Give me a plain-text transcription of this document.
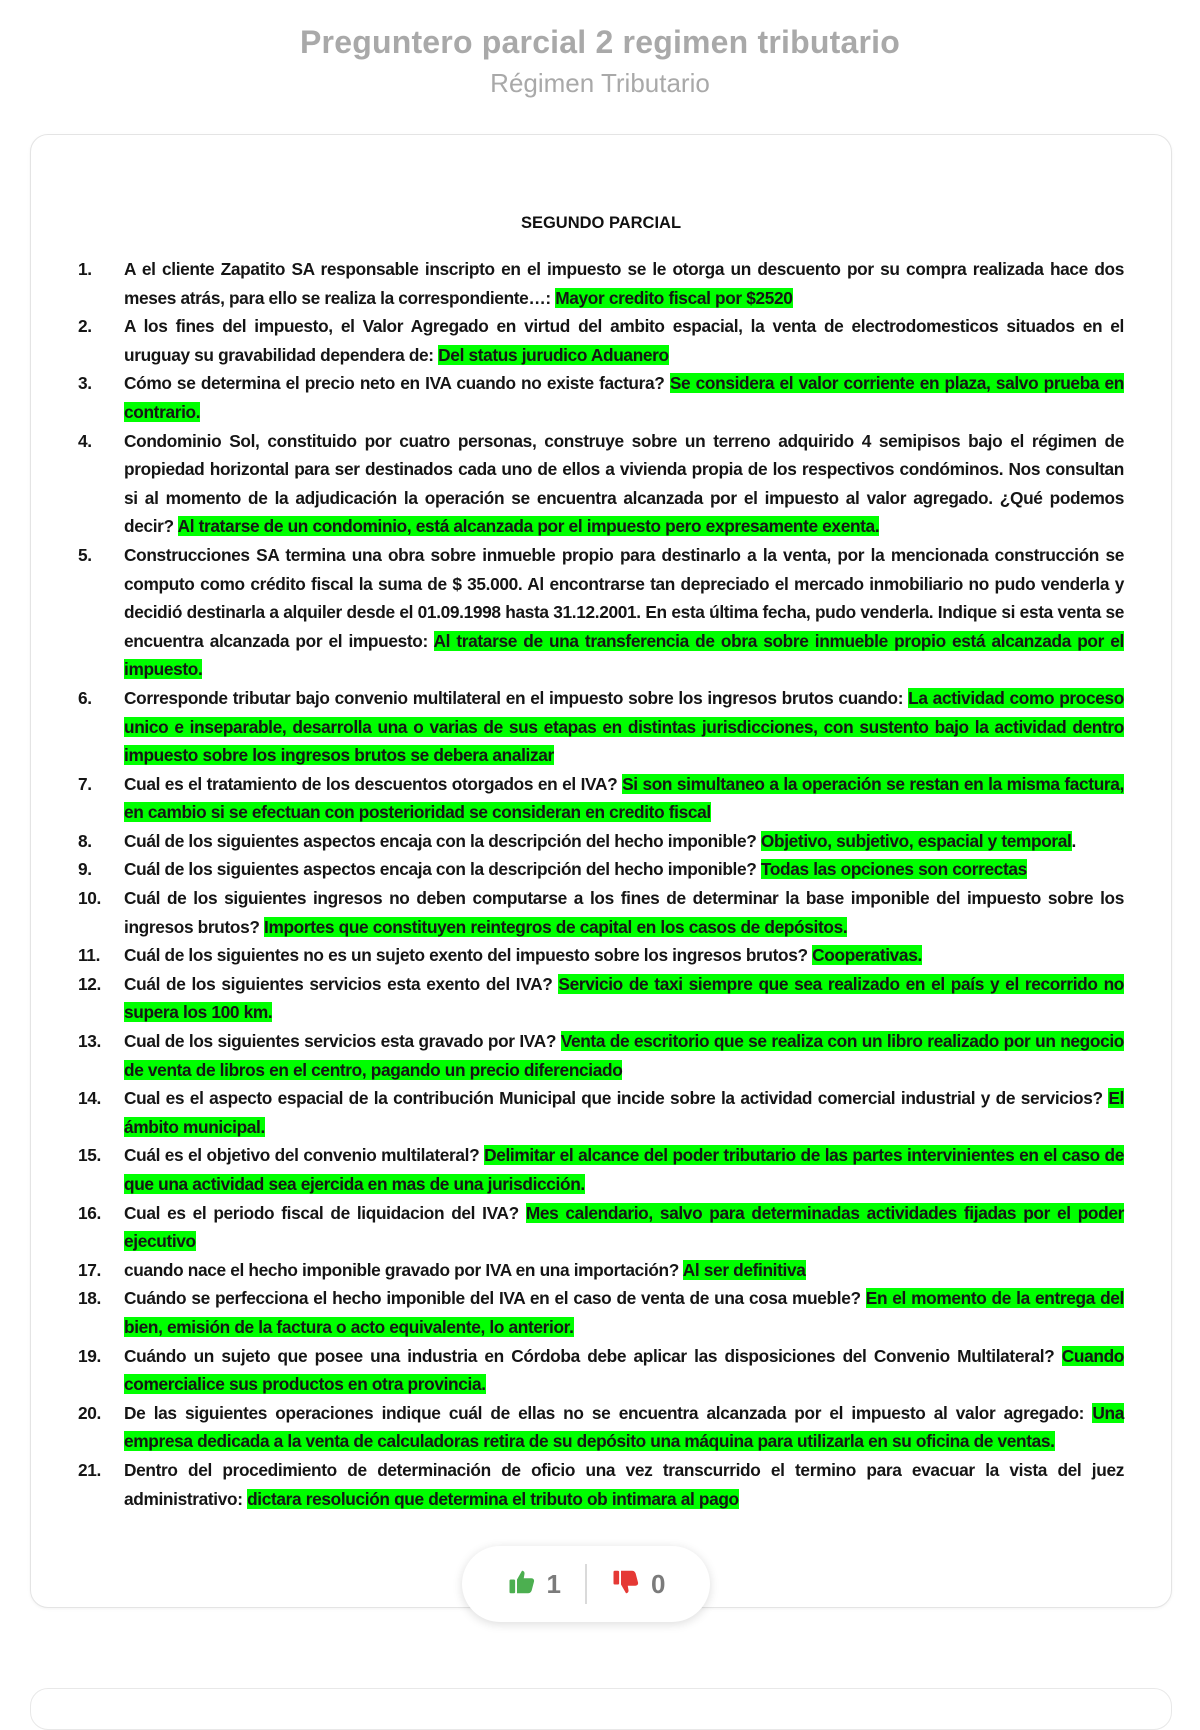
Preguntero parcial 2 regimen tributario
Régimen Tributario
SEGUNDO PARCIAL
1. A el cliente Zapatito SA responsable inscripto en el impuesto se le otorga un descuento por su compra realizada hace dos meses atrás, para ello se realiza la correspondiente…: Mayor credito fiscal por $2520
2. A los fines del impuesto, el Valor Agregado en virtud del ambito espacial, la venta de electrodomesticos situados en el uruguay su gravabilidad dependera de: Del status jurudico Aduanero
3. Cómo se determina el precio neto en IVA cuando no existe factura? Se considera el valor corriente en plaza, salvo prueba en contrario.
4. Condominio Sol, constituido por cuatro personas, construye sobre un terreno adquirido 4 semipisos bajo el régimen de propiedad horizontal para ser destinados cada uno de ellos a vivienda propia de los respectivos condóminos. Nos consultan si al momento de la adjudicación la operación se encuentra alcanzada por el impuesto al valor agregado. ¿Qué podemos decir? Al tratarse de un condominio, está alcanzada por el impuesto pero expresamente exenta.
5. Construcciones SA termina una obra sobre inmueble propio para destinarlo a la venta, por la mencionada construcción se computo como crédito fiscal la suma de $ 35.000. Al encontrarse tan depreciado el mercado inmobiliario no pudo venderla y decidió destinarla a alquiler desde el 01.09.1998 hasta 31.12.2001. En esta última fecha, pudo venderla. Indique si esta venta se encuentra alcanzada por el impuesto: Al tratarse de una transferencia de obra sobre inmueble propio está alcanzada por el impuesto.
6. Corresponde tributar bajo convenio multilateral en el impuesto sobre los ingresos brutos cuando: La actividad como proceso unico e inseparable, desarrolla una o varias de sus etapas en distintas jurisdicciones, con sustento bajo la actividad dentro impuesto sobre los ingresos brutos se debera analizar
7. Cual es el tratamiento de los descuentos otorgados en el IVA? Si son simultaneo a la operación se restan en la misma factura, en cambio si se efectuan con posterioridad se consideran en credito fiscal
8. Cuál de los siguientes aspectos encaja con la descripción del hecho imponible? Objetivo, subjetivo, espacial y temporal.
9. Cuál de los siguientes aspectos encaja con la descripción del hecho imponible? Todas las opciones son correctas
10. Cuál de los siguientes ingresos no deben computarse a los fines de determinar la base imponible del impuesto sobre los ingresos brutos? Importes que constituyen reintegros de capital en los casos de depósitos.
11. Cuál de los siguientes no es un sujeto exento del impuesto sobre los ingresos brutos? Cooperativas.
12. Cuál de los siguientes servicios esta exento del IVA? Servicio de taxi siempre que sea realizado en el país y el recorrido no supera los 100 km.
13. Cual de los siguientes servicios esta gravado por IVA? Venta de escritorio que se realiza con un libro realizado por un negocio de venta de libros en el centro, pagando un precio diferenciado
14. Cual es el aspecto espacial de la contribución Municipal que incide sobre la actividad comercial industrial y de servicios? El ámbito municipal.
15. Cuál es el objetivo del convenio multilateral? Delimitar el alcance del poder tributario de las partes intervinientes en el caso de que una actividad sea ejercida en mas de una jurisdicción.
16. Cual es el periodo fiscal de liquidacion del IVA? Mes calendario, salvo para determinadas actividades fijadas por el poder ejecutivo
17. cuando nace el hecho imponible gravado por IVA en una importación? Al ser definitiva
18. Cuándo se perfecciona el hecho imponible del IVA en el caso de venta de una cosa mueble? En el momento de la entrega del bien, emisión de la factura o acto equivalente, lo anterior.
19. Cuándo un sujeto que posee una industria en Córdoba debe aplicar las disposiciones del Convenio Multilateral? Cuando comercialice sus productos en otra provincia.
20. De las siguientes operaciones indique cuál de ellas no se encuentra alcanzada por el impuesto al valor agregado: Una empresa dedicada a la venta de calculadoras retira de su depósito una máquina para utilizarla en su oficina de ventas.
21. Dentro del procedimiento de determinación de oficio una vez transcurrido el termino para evacuar la vista del juez administrativo: dictara resolución que determina el tributo ob intimara al pago
1	0
